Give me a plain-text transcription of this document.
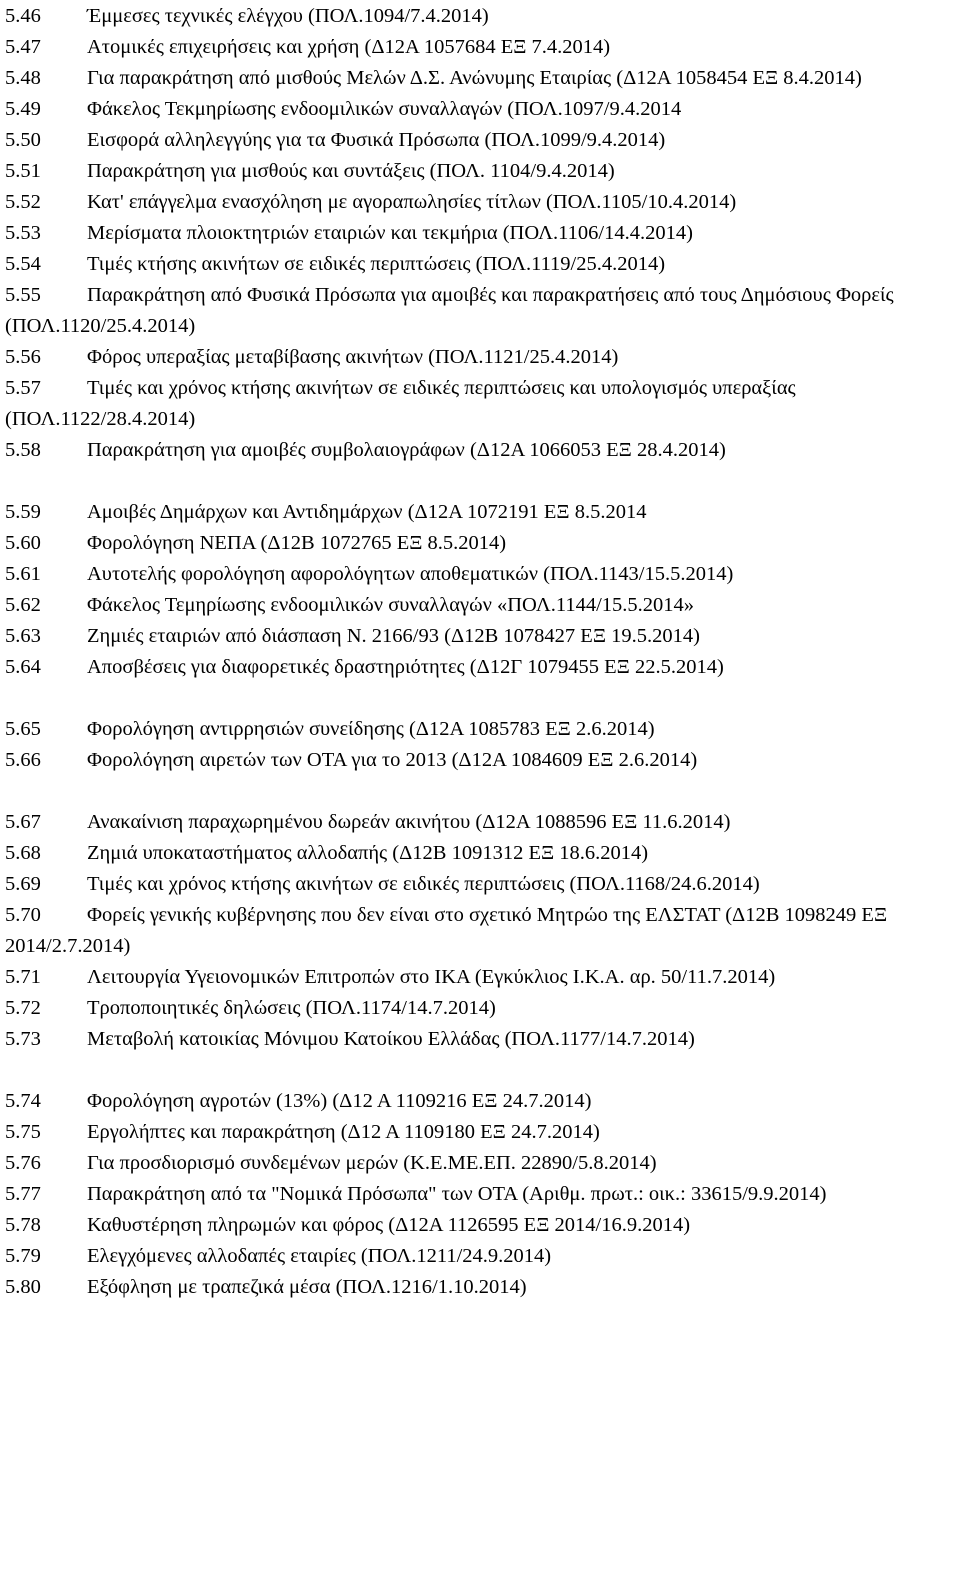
5.46 Έμμεσες τεχνικές ελέγχου (ΠΟΛ.1094/7.4.2014)

5.47 Ατομικές επιχειρήσεις και χρήση (Δ12Α 1057684 ΕΞ 7.4.2014)

5.48 Για παρακράτηση από μισθούς Μελών Δ.Σ. Ανώνυμης Εταιρίας (Δ12Α 1058454 ΕΞ 8.4.2014)

5.49 Φάκελος Τεκμηρίωσης ενδοομιλικών συναλλαγών (ΠΟΛ.1097/9.4.2014

5.50 Εισφορά αλληλεγγύης για τα Φυσικά Πρόσωπα (ΠΟΛ.1099/9.4.2014)

5.51 Παρακράτηση για μισθούς και συντάξεις (ΠΟΛ. 1104/9.4.2014)

5.52 Κατ' επάγγελμα ενασχόληση με αγοραπωλησίες τίτλων (ΠΟΛ.1105/10.4.2014)

5.53 Μερίσματα πλοιοκτητριών εταιριών και τεκμήρια (ΠΟΛ.1106/14.4.2014)

5.54 Τιμές κτήσης ακινήτων σε ειδικές περιπτώσεις (ΠΟΛ.1119/25.4.2014)

5.55 Παρακράτηση από Φυσικά Πρόσωπα για αμοιβές και παρακρατήσεις από τους Δημόσιους Φορείς (ΠΟΛ.1120/25.4.2014)

5.56 Φόρος υπεραξίας μεταβίβασης ακινήτων (ΠΟΛ.1121/25.4.2014)

5.57 Τιμές και χρόνος κτήσης ακινήτων σε ειδικές περιπτώσεις και υπολογισμός υπεραξίας (ΠΟΛ.1122/28.4.2014)

5.58 Παρακράτηση για αμοιβές συμβολαιογράφων (Δ12Α 1066053 ΕΞ 28.4.2014)

5.59 Αμοιβές Δημάρχων και Αντιδημάρχων (Δ12Α 1072191 ΕΞ 8.5.2014

5.60 Φορολόγηση ΝΕΠΑ (Δ12Β 1072765 ΕΞ 8.5.2014)

5.61 Αυτοτελής φορολόγηση αφορολόγητων αποθεματικών (ΠΟΛ.1143/15.5.2014)

5.62 Φάκελος Τεμηρίωσης ενδοομιλικών συναλλαγών «ΠΟΛ.1144/15.5.2014»

5.63 Ζημιές εταιριών από διάσπαση Ν. 2166/93 (Δ12Β 1078427 ΕΞ 19.5.2014)

5.64 Αποσβέσεις για διαφορετικές δραστηριότητες (Δ12Γ 1079455 ΕΞ 22.5.2014)

5.65 Φορολόγηση αντιρρησιών συνείδησης (Δ12Α 1085783 ΕΞ 2.6.2014)

5.66 Φορολόγηση αιρετών των ΟΤΑ για το 2013 (Δ12Α 1084609 ΕΞ 2.6.2014)

5.67 Ανακαίνιση παραχωρημένου δωρεάν ακινήτου (Δ12Α 1088596 ΕΞ 11.6.2014)

5.68 Ζημιά υποκαταστήματος αλλοδαπής (Δ12Β 1091312 ΕΞ 18.6.2014)

5.69 Τιμές και χρόνος κτήσης ακινήτων σε ειδικές περιπτώσεις (ΠΟΛ.1168/24.6.2014)

5.70 Φορείς γενικής κυβέρνησης που δεν είναι στο σχετικό Μητρώο της ΕΛΣΤΑΤ (Δ12Β 1098249 ΕΞ 2014/2.7.2014)

5.71 Λειτουργία Υγειονομικών Επιτροπών στο ΙΚΑ (Εγκύκλιος Ι.Κ.Α. αρ. 50/11.7.2014)

5.72 Τροποποιητικές δηλώσεις (ΠΟΛ.1174/14.7.2014)

5.73 Μεταβολή κατοικίας Μόνιμου Κατοίκου Ελλάδας (ΠΟΛ.1177/14.7.2014)

5.74 Φορολόγηση αγροτών (13%) (Δ12 Α 1109216 ΕΞ 24.7.2014)

5.75 Εργολήπτες και παρακράτηση (Δ12 Α 1109180 ΕΞ 24.7.2014)

5.76 Για προσδιορισμό συνδεμένων μερών (Κ.Ε.ΜΕ.ΕΠ. 22890/5.8.2014)

5.77 Παρακράτηση από τα "Νομικά Πρόσωπα" των ΟΤΑ (Αριθμ. πρωτ.: οικ.: 33615/9.9.2014)

5.78 Καθυστέρηση πληρωμών και φόρος (Δ12Α 1126595 ΕΞ 2014/16.9.2014)

5.79 Ελεγχόμενες αλλοδαπές εταιρίες (ΠΟΛ.1211/24.9.2014)

5.80 Εξόφληση με τραπεζικά μέσα (ΠΟΛ.1216/1.10.2014)
